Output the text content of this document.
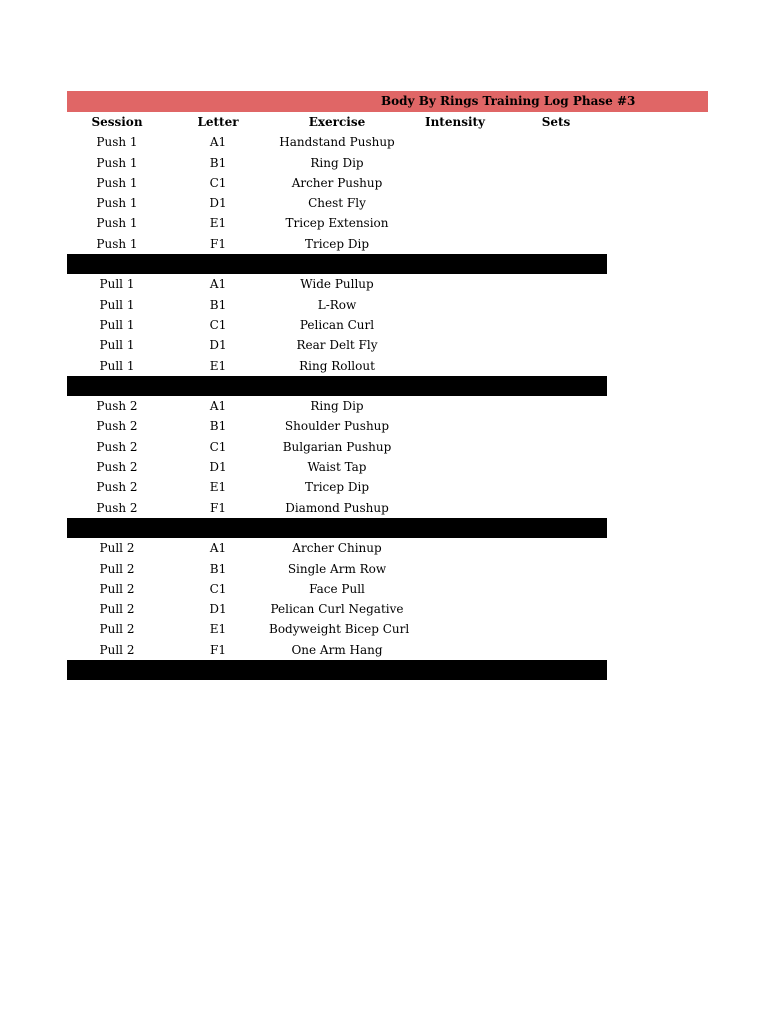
Body By Rings Training Log Phase #3
Session	Letter	Exercise	Intensity	Sets
Push 1	A1	Handstand Pushup
Push 1	B1	Ring Dip
Push 1	C1	Archer Pushup
Push 1	D1	Chest Fly
Push 1	E1	Tricep Extension
Push 1	F1	Tricep Dip
Pull 1	A1	Wide Pullup
Pull 1	B1	L-Row
Pull 1	C1	Pelican Curl
Pull 1	D1	Rear Delt Fly
Pull 1	E1	Ring Rollout
Push 2	A1	Ring Dip
Push 2	B1	Shoulder Pushup
Push 2	C1	Bulgarian Pushup
Push 2	D1	Waist Tap
Push 2	E1	Tricep Dip
Push 2	F1	Diamond Pushup
Pull 2	A1	Archer Chinup
Pull 2	B1	Single Arm Row
Pull 2	C1	Face Pull
Pull 2	D1	Pelican Curl Negative
Pull 2	E1	Bodyweight Bicep Curl
Pull 2	F1	One Arm Hang
